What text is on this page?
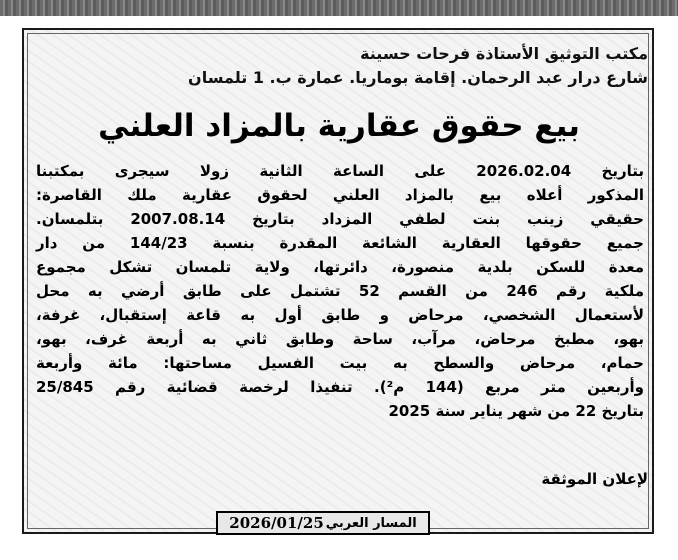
مكتب التوثيق الأستاذة فرحات حسينة
شارع درار عبد الرحمان. إقامة بوماريا. عمارة ب. 1 تلمسان
بيع حقوق عقارية بالمزاد العلني
بتاريخ 2026.02.04 على الساعة الثانية زولا سيجرى بمكتبنا
المذكور أعلاه بيع بالمزاد العلني لحقوق عقارية ملك القاصرة:
حقيقي زينب بنت لطفي المزداد بتاريخ 2007.08.14 بتلمسان.
جميع حقوقها العقارية الشائعة المقدرة بنسبة 144/23 من دار
معدة للسكن بلدية منصورة، دائرتها، ولاية تلمسان تشكل مجموع
ملكية رقم 246 من القسم 52 تشتمل على طابق أرضي به محل
لأستعمال الشخصي، مرحاض و طابق أول به قاعة إستقبال، غرفة،
بهو، مطبخ مرحاض، مرآب، ساحة وطابق ثاني به أربعة غرف، بهو،
حمام، مرحاض والسطح به بيت الفسيل مساحتها: مائة وأربعة
وأربعين متر مربع (144 م²). تنفيذا لرخصة قضائية رقم 25/845
بتاريخ 22 من شهر يناير سنة 2025
لإعلان الموثقة
المسار العربي
2026/01/25
